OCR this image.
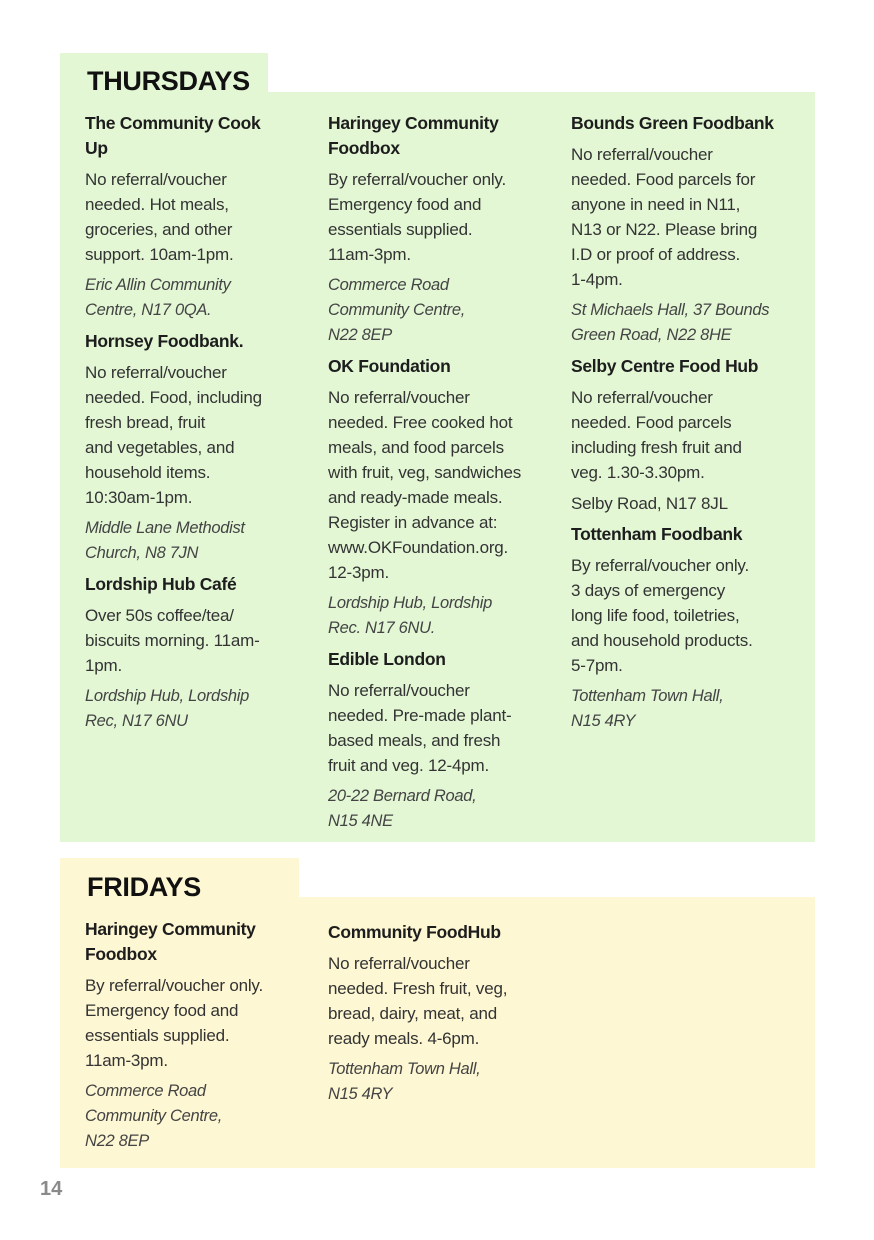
THURSDAYS
The Community Cook
Up
No referral/voucher
needed. Hot meals,
groceries, and other
support. 10am-1pm.
Eric Allin Community
Centre, N17 0QA.
Hornsey Foodbank.
No referral/voucher
needed. Food, including
fresh bread, fruit
and vegetables, and
household items.
10:30am-1pm.
Middle Lane Methodist
Church, N8 7JN
Lordship Hub Café
Over 50s coffee/tea/
biscuits morning. 11am-
1pm.
Lordship Hub, Lordship
Rec, N17 6NU
Haringey Community
Foodbox
By referral/voucher only.
Emergency food and
essentials supplied.
11am-3pm.
Commerce Road
Community Centre,
N22 8EP
OK Foundation
No referral/voucher
needed. Free cooked hot
meals, and food parcels
with fruit, veg, sandwiches
and ready-made meals.
Register in advance at:
www.OKFoundation.org.
12-3pm.
Lordship Hub, Lordship
Rec. N17 6NU.
Edible London
No referral/voucher
needed. Pre-made plant-
based meals, and fresh
fruit and veg. 12-4pm.
20-22 Bernard Road,
N15 4NE
Bounds Green Foodbank
No referral/voucher
needed. Food parcels for
anyone in need in N11,
N13 or N22. Please bring
I.D or proof of address.
1-4pm.
St Michaels Hall, 37 Bounds
Green Road, N22 8HE
Selby Centre Food Hub
No referral/voucher
needed. Food parcels
including fresh fruit and
veg. 1.30-3.30pm.
Selby Road, N17 8JL
Tottenham Foodbank
By referral/voucher only.
3 days of emergency
long life food, toiletries,
and household products.
5-7pm.
Tottenham Town Hall,
N15 4RY
FRIDAYS
Haringey Community
Foodbox
By referral/voucher only.
Emergency food and
essentials supplied.
11am-3pm.
Commerce Road
Community Centre,
N22 8EP
Community FoodHub
No referral/voucher
needed. Fresh fruit, veg,
bread, dairy, meat, and
ready meals. 4-6pm.
Tottenham Town Hall,
N15 4RY
14
